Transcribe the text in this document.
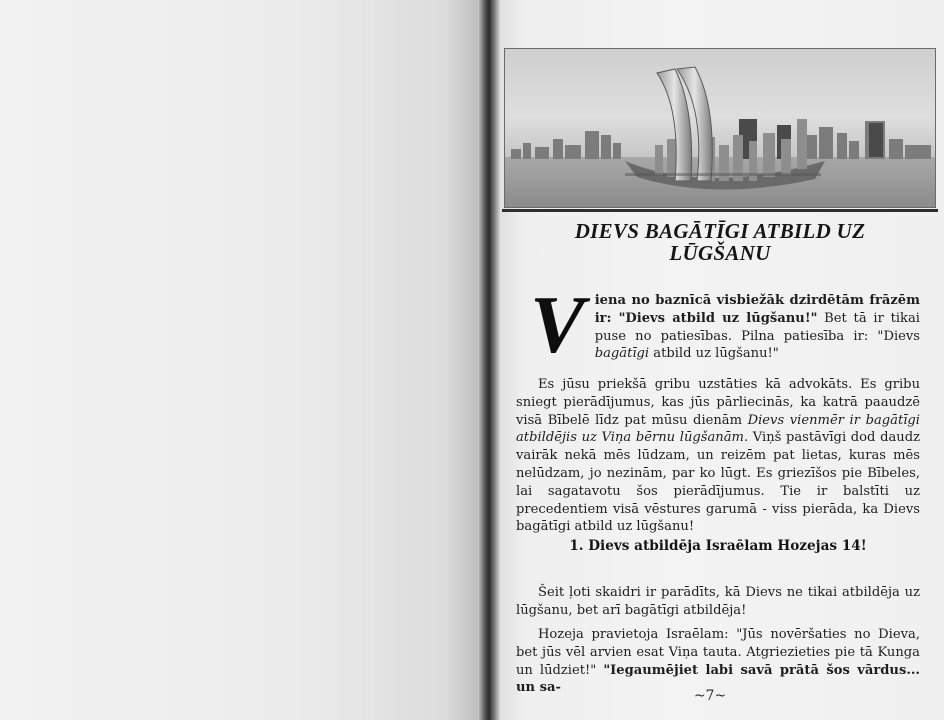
DIEVS BAGĀTĪGI ATBILD UZ LŪGŠANU
Viena no baznīcā visbiežāk dzirdētām frāzēm ir: "Dievs atbild uz lūgšanu!" Bet tā ir tikai puse no patiesības. Pilna patiesība ir: "Dievs bagātīgi atbild uz lūgšanu!"
Es jūsu priekšā gribu uzstāties kā advokāts. Es gribu sniegt pierādījumus, kas jūs pārliecinās, ka katrā paaudzē visā Bībelē līdz pat mūsu dienām Dievs vienmēr ir bagātīgi atbildējis uz Viņa bērnu lūgšanām. Viņš pastāvīgi dod daudz vairāk nekā mēs lūdzam, un reizēm pat lietas, kuras mēs nelūdzam, jo nezinām, par ko lūgt. Es griezīšos pie Bībeles, lai sagatavotu šos pierādījumus. Tie ir balstīti uz precedentiem visā vēstures garumā - viss pierāda, ka Dievs bagātīgi atbild uz lūgšanu!
1. Dievs atbildēja Israēlam Hozejas 14!
Šeit ļoti skaidri ir parādīts, kā Dievs ne tikai atbildēja uz lūgšanu, bet arī bagātīgi atbildēja!
Hozeja pravietoja Israēlam: "Jūs novēršaties no Dieva, bet jūs vēl arvien esat Viņa tauta. Atgriezieties pie tā Kunga un lūdziet!" "Iegaumējiet labi savā prātā šos vārdus... un sa-
~7~
